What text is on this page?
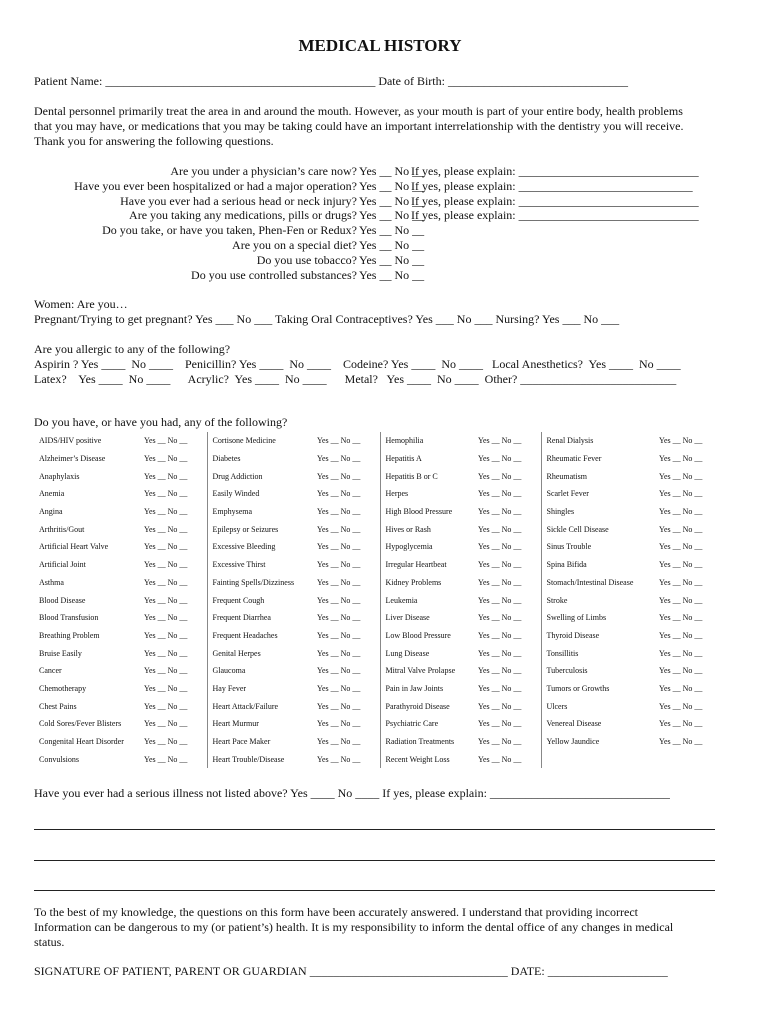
MEDICAL HISTORY
Patient Name: _____________________________________________ Date of Birth: ______________________________
Dental personnel primarily treat the area in and around the mouth. However, as your mouth is part of your entire body, health problems
that you may have, or medications that you may be taking could have an important interrelationship with the dentistry you will receive.
Thank you for answering the following questions.
Are you under a physician’s care now? Yes __ No __
If yes, please explain: ______________________________
Have you ever been hospitalized or had a major operation? Yes __ No __
If yes, please explain: _____________________________
Have you ever had a serious head or neck injury? Yes __ No __
If yes, please explain: ______________________________
Are you taking any medications, pills or drugs? Yes __ No __
If yes, please explain: ______________________________
Do you take, or have you taken, Phen-Fen or Redux? Yes __ No __
Are you on a special diet? Yes __ No __
Do you use tobacco? Yes __ No __
Do you use controlled substances? Yes __ No __
Women: Are you…
Pregnant/Trying to get pregnant? Yes ___ No ___ Taking Oral Contraceptives? Yes ___ No ___ Nursing? Yes ___ No ___
Are you allergic to any of the following?
Aspirin ? Yes ____  No ____    Penicillin? Yes ____  No ____    Codeine? Yes ____  No ____   Local Anesthetics?  Yes ____  No ____
Latex?    Yes ____  No ____      Acrylic?  Yes ____  No ____      Metal?   Yes ____  No ____  Other? __________________________
Do you have, or have you had, any of the following?
AIDS/HIV positive	Yes __ No __	Cortisone Medicine	Yes __ No __	Hemophilia	Yes __ No __	Renal Dialysis	Yes __ No __
Alzheimer’s Disease	Yes __ No __	Diabetes	Yes __ No __	Hepatitis A	Yes __ No __	Rheumatic Fever	Yes __ No __
Anaphylaxis	Yes __ No __	Drug Addiction	Yes __ No __	Hepatitis B or C	Yes __ No __	Rheumatism	Yes __ No __
Anemia	Yes __ No __	Easily Winded	Yes __ No __	Herpes	Yes __ No __	Scarlet Fever	Yes __ No __
Angina	Yes __ No __	Emphysema	Yes __ No __	High Blood Pressure	Yes __ No __	Shingles	Yes __ No __
Arthritis/Gout	Yes __ No __	Epilepsy or Seizures	Yes __ No __	Hives or Rash	Yes __ No __	Sickle Cell Disease	Yes __ No __
Artificial Heart Valve	Yes __ No __	Excessive Bleeding	Yes __ No __	Hypoglycemia	Yes __ No __	Sinus Trouble	Yes __ No __
Artificial Joint	Yes __ No __	Excessive Thirst	Yes __ No __	Irregular Heartbeat	Yes __ No __	Spina Bifida	Yes __ No __
Asthma	Yes __ No __	Fainting Spells/Dizziness	Yes __ No __	Kidney Problems	Yes __ No __	Stomach/Intestinal Disease	Yes __ No __
Blood Disease	Yes __ No __	Frequent Cough	Yes __ No __	Leukemia	Yes __ No __	Stroke	Yes __ No __
Blood Transfusion	Yes __ No __	Frequent Diarrhea	Yes __ No __	Liver Disease	Yes __ No __	Swelling of Limbs	Yes __ No __
Breathing Problem	Yes __ No __	Frequent Headaches	Yes __ No __	Low Blood Pressure	Yes __ No __	Thyroid Disease	Yes __ No __
Bruise Easily	Yes __ No __	Genital Herpes	Yes __ No __	Lung Disease	Yes __ No __	Tonsillitis	Yes __ No __
Cancer	Yes __ No __	Glaucoma	Yes __ No __	Mitral Valve Prolapse	Yes __ No __	Tuberculosis	Yes __ No __
Chemotherapy	Yes __ No __	Hay Fever	Yes __ No __	Pain in Jaw Joints	Yes __ No __	Tumors or Growths	Yes __ No __
Chest Pains	Yes __ No __	Heart Attack/Failure	Yes __ No __	Parathyroid Disease	Yes __ No __	Ulcers	Yes __ No __
Cold Sores/Fever Blisters	Yes __ No __	Heart Murmur	Yes __ No __	Psychiatric Care	Yes __ No __	Venereal Disease	Yes __ No __
Congenital Heart Disorder	Yes __ No __	Heart Pace Maker	Yes __ No __	Radiation Treatments	Yes __ No __	Yellow Jaundice	Yes __ No __
Convulsions	Yes __ No __	Heart Trouble/Disease	Yes __ No __	Recent Weight Loss	Yes __ No __		
Have you ever had a serious illness not listed above? Yes ____ No ____ If yes, please explain: ______________________________
To the best of my knowledge, the questions on this form have been accurately answered. I understand that providing incorrect
Information can be dangerous to my (or patient’s) health. It is my responsibility to inform the dental office of any changes in medical
status.
SIGNATURE OF PATIENT, PARENT OR GUARDIAN _________________________________ DATE: ____________________
